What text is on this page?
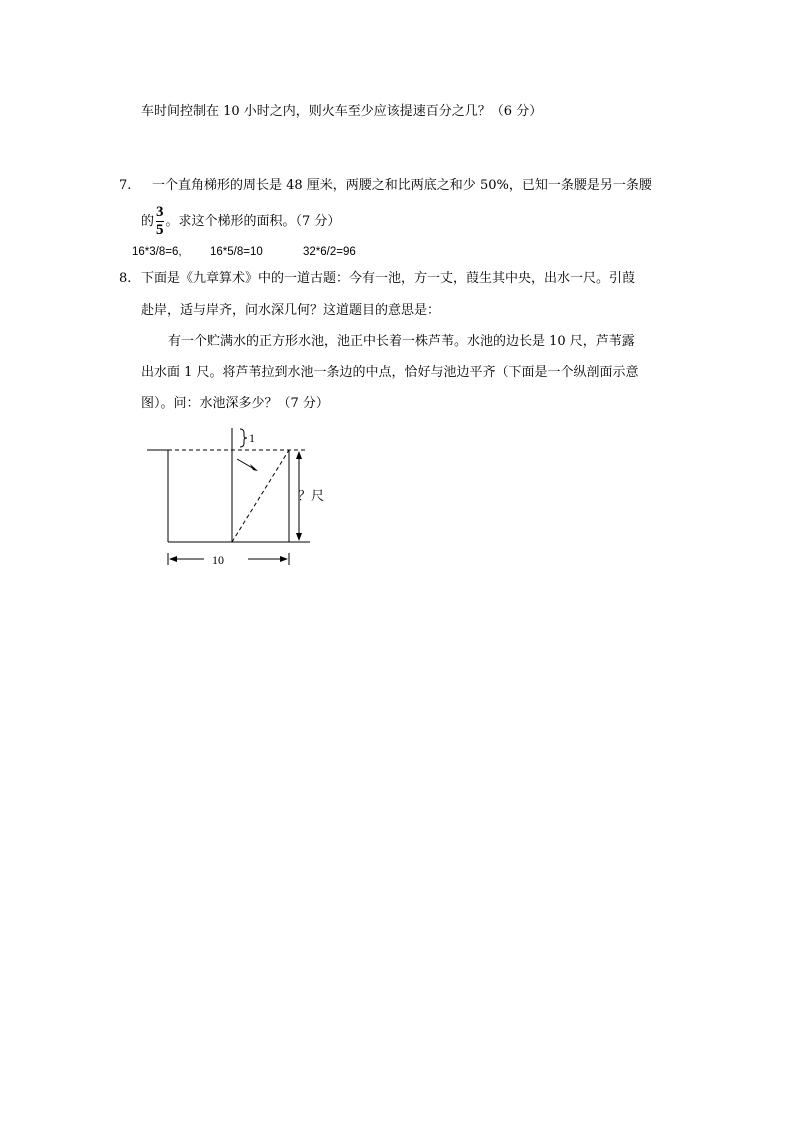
车时间控制在 10 小时之内，则火车至少应该提速百分之几？（6 分）
7. 一个直角梯形的周长是 48 厘米，两腰之和比两底之和少 50%，已知一条腰是另一条腰
的 $\frac{3}{5}$ 。求这个梯形的面积。（7 分）
16*3/8=6, 16*5/8=10	32*6/2=96
8. 下面是《九章算术》中的一道古题：今有一池，方一丈，葭生其中央，出水一尺。引葭
赴岸，适与岸齐，问水深几何？这道题目的意思是：
有一个贮满水的正方形水池，池正中长着一株芦苇。水池的边长是 10 尺，芦苇露
出水面 1 尺。将芦苇拉到水池一条边的中点，恰好与池边平齐（下面是一个纵剖面示意
图）。问：水池深多少？（7 分）
1
？尺
10
